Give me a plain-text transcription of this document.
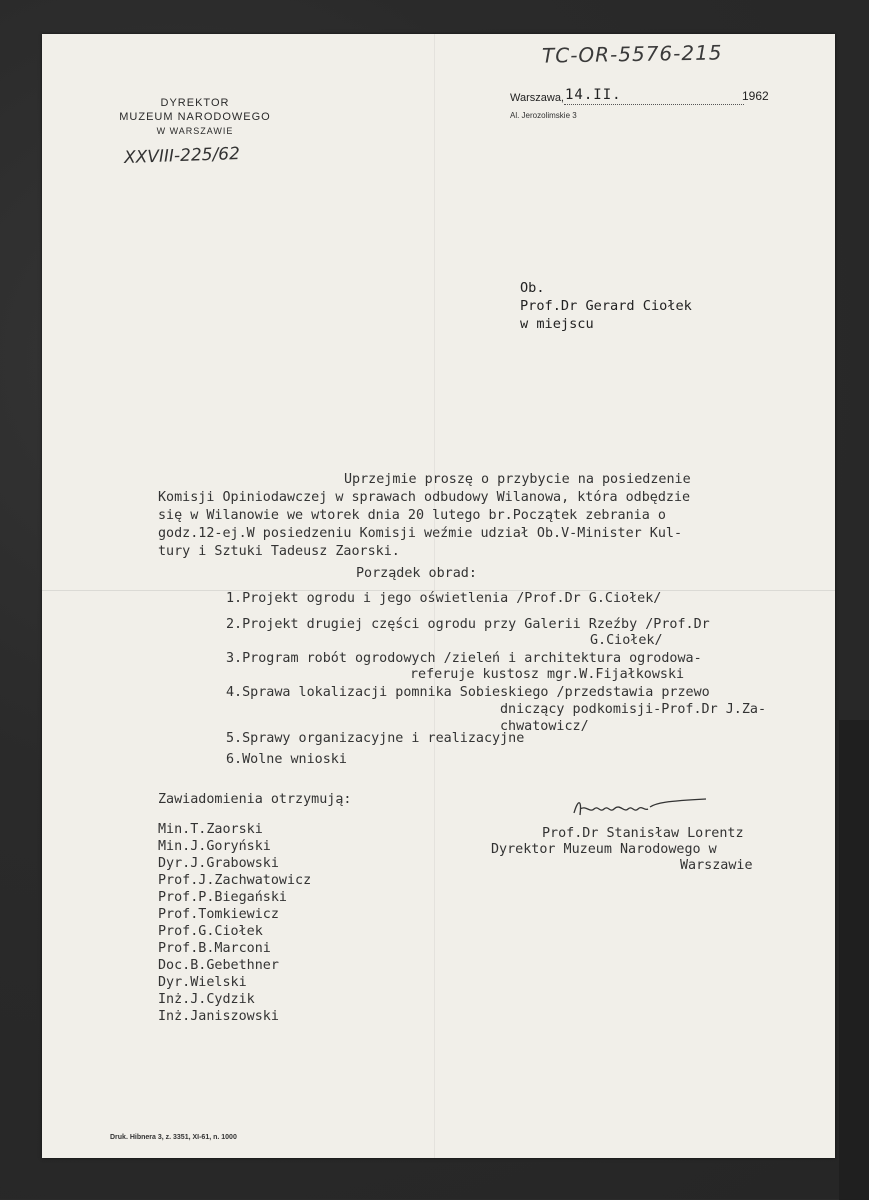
DYREKTOR
MUZEUM NARODOWEGO
W WARSZAWIE
XXVIII-225/62
TC-OR-5576-215
Warszawa, 14.II.	1962
Al. Jerozolimskie 3
Ob.
Prof.Dr Gerard Ciołek
w miejscu
Uprzejmie proszę o przybycie na posiedzenie
Komisji Opiniodawczej w sprawach odbudowy Wilanowa, która odbędzie
się w Wilanowie we wtorek dnia 20 lutego br.Początek zebrania o
godz.12-ej.W posiedzeniu Komisji weźmie udział Ob.V-Minister Kul-
tury i Sztuki Tadeusz Zaorski.
Porządek obrad:
1.Projekt ogrodu i jego oświetlenia /Prof.Dr G.Ciołek/
2.Projekt drugiej części ogrodu przy Galerii Rzeźby /Prof.Dr
G.Ciołek/
3.Program robót ogrodowych /zieleń i architektura ogrodowa-
referuje kustosz mgr.W.Fijałkowski
4.Sprawa lokalizacji pomnika Sobieskiego /przedstawia przewo
dniczący podkomisji-Prof.Dr J.Za-
chwatowicz/
5.Sprawy organizacyjne i realizacyjne
6.Wolne wnioski
Zawiadomienia otrzymują:
Min.T.Zaorski
Min.J.Goryński
Dyr.J.Grabowski
Prof.J.Zachwatowicz
Prof.P.Biegański
Prof.Tomkiewicz
Prof.G.Ciołek
Prof.B.Marconi
Doc.B.Gebethner
Dyr.Wielski
Inż.J.Cydzik
Inż.Janiszowski
Prof.Dr Stanisław Lorentz
Dyrektor Muzeum Narodowego w
Warszawie
Druk. Hibnera 3, z. 3351, XI-61, n. 1000
